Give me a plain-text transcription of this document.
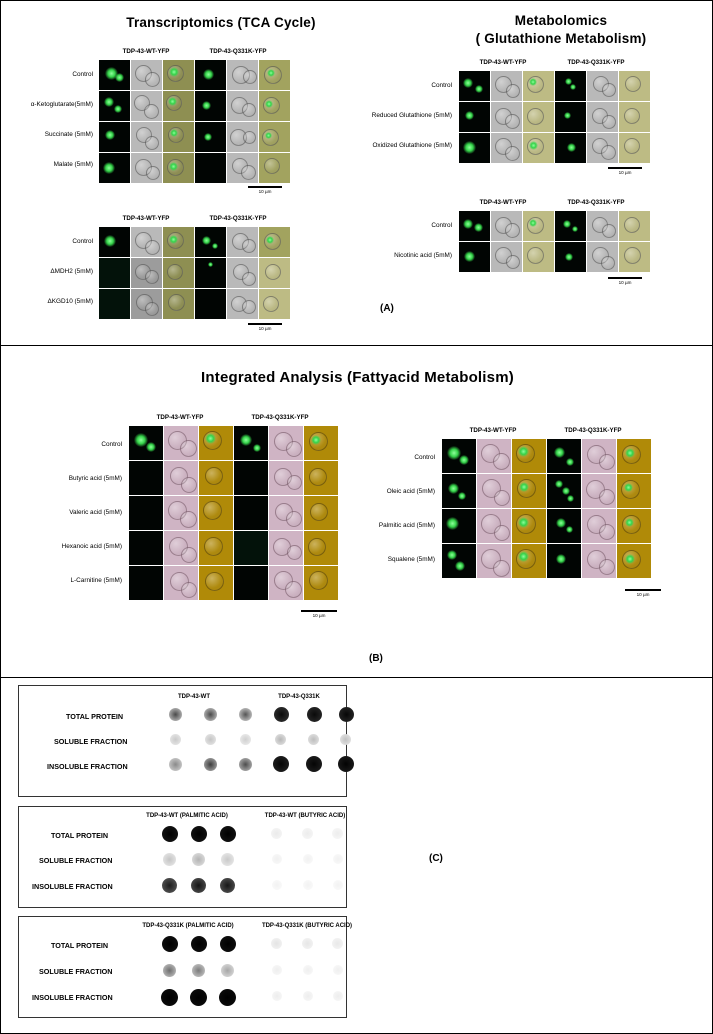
Transcriptomics (TCA Cycle)	Metabolomics
( Glutathione Metabolism)
(A)
TDP-43-WT-YFP	TDP-43-Q331K-YFP
Control
α-Ketoglutarate(5mM)
Succinate (5mM)
Malate (5mM)
10 µm
TDP-43-WT-YFP	TDP-43-Q331K-YFP
Control
ΔMDH2 (5mM)
ΔKGD10 (5mM)
10 µm
TDP-43-WT-YFP	TDP-43-Q331K-YFP
Control
Reduced Glutathione (5mM)
Oxidized Glutathione (5mM)
10 µm
TDP-43-WT-YFP	TDP-43-Q331K-YFP
Control
Nicotinic acid (5mM)
10 µm
Integrated Analysis (Fattyacid Metabolism)
(B)
TDP-43-WT-YFP	TDP-43-Q331K-YFP
Control
Butyric acid (5mM)
Valeric acid (5mM)
Hexanoic acid (5mM)
L-Carnitine (5mM)
10 µm
TDP-43-WT-YFP	TDP-43-Q331K-YFP
Control
Oleic acid (5mM)
Palmitic acid (5mM)
Squalene (5mM)
10 µm
(C)
TDP-43-WT	TDP-43-Q331K
TOTAL PROTEIN
SOLUBLE FRACTION
INSOLUBLE FRACTION
TDP-43-WT (PALMITIC ACID)	TDP-43-WT (BUTYRIC ACID)
TOTAL PROTEIN
SOLUBLE FRACTION
INSOLUBLE FRACTION
TDP-43-Q331K (PALMITIC ACID)	TDP-43-Q331K (BUTYRIC ACID)
TOTAL PROTEIN
SOLUBLE FRACTION
INSOLUBLE FRACTION
